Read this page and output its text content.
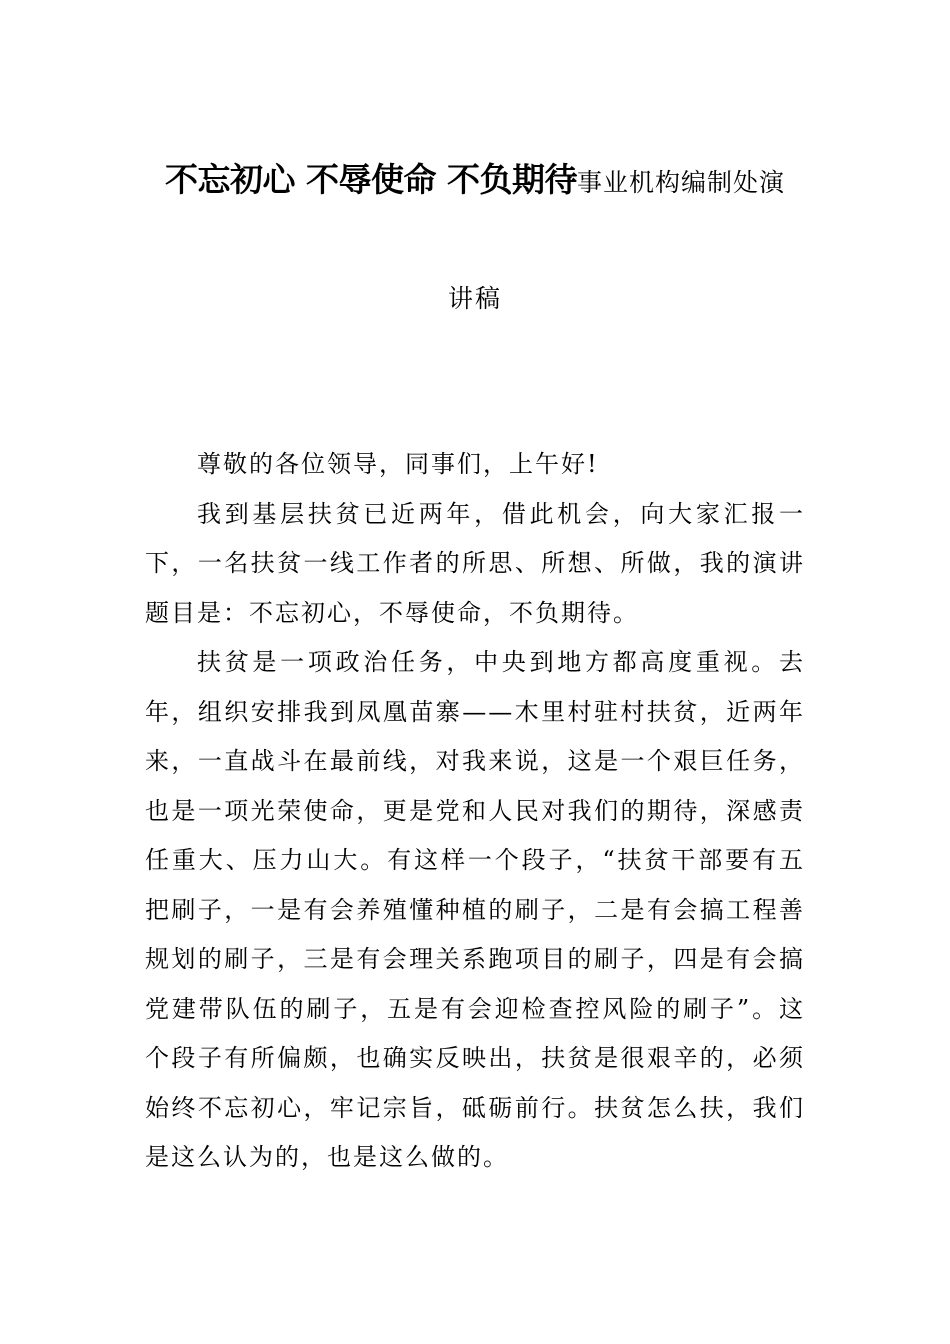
不忘初心 不辱使命 不负期待事业机构编制处演
讲稿

尊敬的各位领导，同事们，上午好!

我到基层扶贫已近两年，借此机会，向大家汇报一下，一名扶贫一线工作者的所思、所想、所做，我的演讲题目是：不忘初心，不辱使命，不负期待。

扶贫是一项政治任务，中央到地方都高度重视。去年，组织安排我到凤凰苗寨——木里村驻村扶贫，近两年来，一直战斗在最前线，对我来说，这是一个艰巨任务，也是一项光荣使命，更是党和人民对我们的期待，深感责任重大、压力山大。有这样一个段子，“扶贫干部要有五把刷子，一是有会养殖懂种植的刷子，二是有会搞工程善规划的刷子，三是有会理关系跑项目的刷子，四是有会搞党建带队伍的刷子，五是有会迎检查控风险的刷子”。这个段子有所偏颇，也确实反映出，扶贫是很艰辛的，必须始终不忘初心，牢记宗旨，砥砺前行。扶贫怎么扶，我们是这么认为的，也是这么做的。
